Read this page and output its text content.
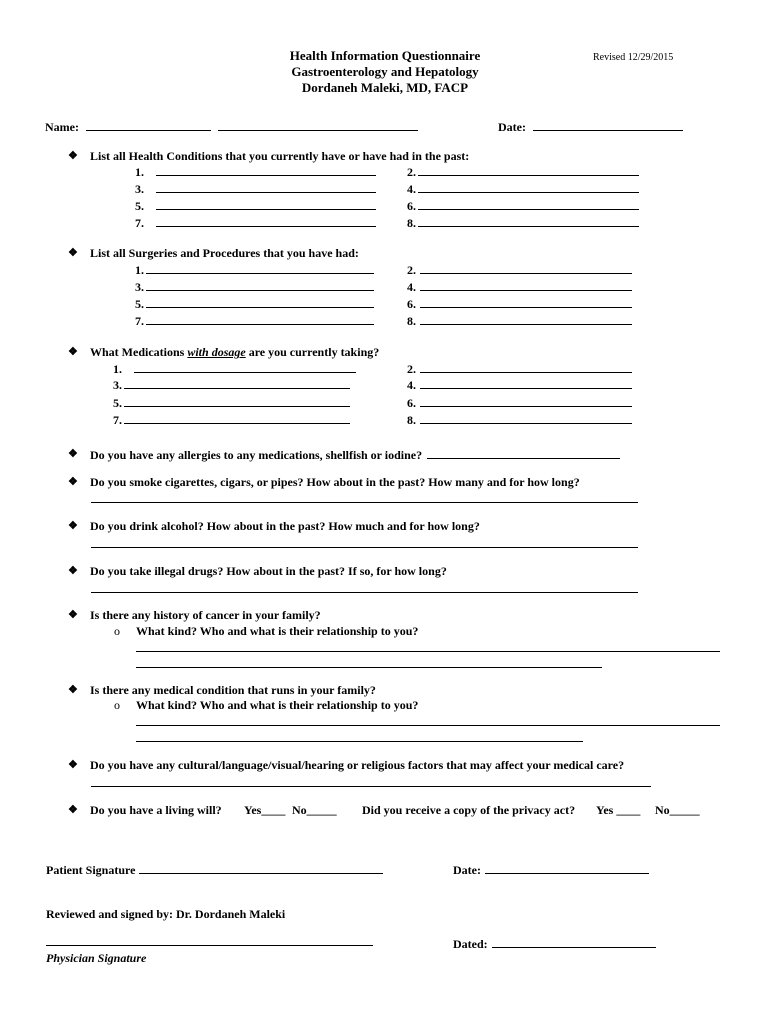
Health Information Questionnaire
Gastroenterology and Hepatology
Dordaneh Maleki, MD, FACP
Revised 12/29/2015
Name:	Date:
❖ List all Health Conditions that you currently have or have had in the past:
1.	2.
3.	4.
5.	6.
7.	8.
❖ List all Surgeries and Procedures that you have had:
1.	2.
3.	4.
5.	6.
7.	8.
❖ What Medications with dosage are you currently taking?
1.	2.
3.	4.
5.	6.
7.	8.
❖ Do you have any allergies to any medications, shellfish or iodine?
❖ Do you smoke cigarettes, cigars, or pipes? How about in the past? How many and for how long?
❖ Do you drink alcohol? How about in the past? How much and for how long?
❖ Do you take illegal drugs? How about in the past? If so, for how long?
❖ Is there any history of cancer in your family?
o What kind? Who and what is their relationship to you?
❖ Is there any medical condition that runs in your family?
o What kind? Who and what is their relationship to you?
❖ Do you have any cultural/language/visual/hearing or religious factors that may affect your medical care?
❖ Do you have a living will? Yes____ No_____ Did you receive a copy of the privacy act? Yes ____ No_____
Patient Signature	Date:
Reviewed and signed by: Dr. Dordaneh Maleki
Dated:
Physician Signature
